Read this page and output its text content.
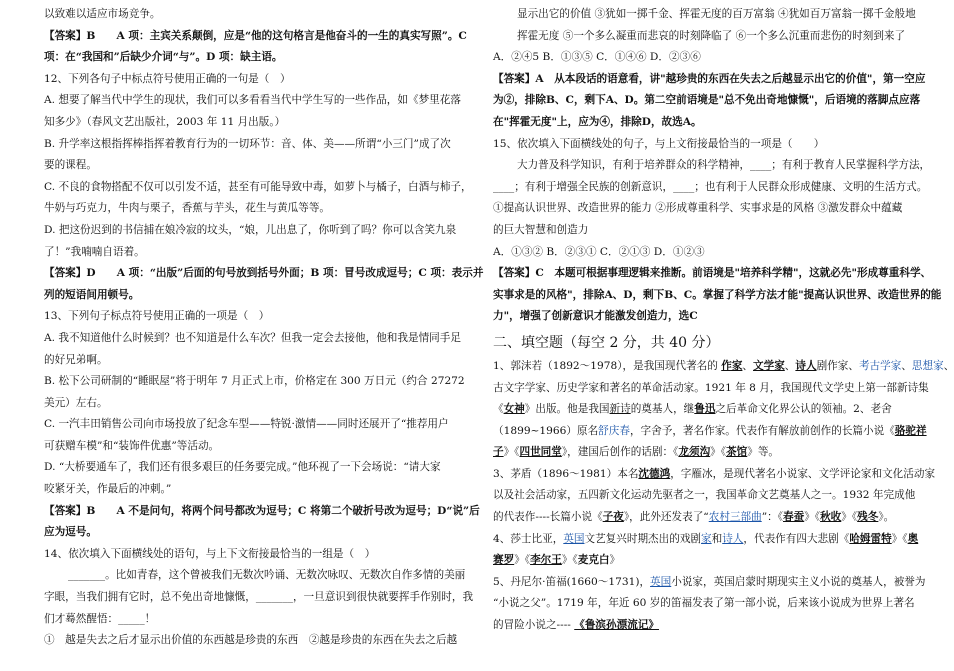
以致难以适应市场竞争。
【答案】B　　A 项：主宾关系颠倒，应是“他的这句格言是他奋斗的一生的真实写照”。C
项：在“我国和”后缺少介词“与”。D 项：缺主语。
12、下列各句子中标点符号使用正确的一句是（　）
A. 想要了解当代中学生的现状，我们可以多看看当代中学生写的一些作品，如《梦里花落
知多少》（春风文艺出版社，2003 年 11 月出版。）
B. 升学率这根指挥棒指挥着教育行为的一切环节：音、体、美——所谓“小三门”成了次
要的课程。
C. 不良的食物搭配不仅可以引发不适，甚至有可能导致中毒，如萝卜与橘子，白酒与柿子，
牛奶与巧克力，牛肉与栗子，香蕉与芋头，花生与黄瓜等等。
D. 把这份迟到的书信捕在娘冷寂的坟头，“娘，儿出息了，你听到了吗？你可以含笑九泉
了！”我喃喃自语着。
【答案】D　　A 项：“出版”后面的句号放到括号外面；B 项：冒号改成逗号；C 项：表示并
列的短语间用顿号。
13、下列句子标点符号使用正确的一项是（　）
A. 我不知道他什么时候到？也不知道是什么车次？但我一定会去接他，他和我是情同手足
的好兄弟啊。
B. 松下公司研制的“睡眠屋”将于明年 7 月正式上市，价格定在 300 万日元（约合 27272
美元）左右。
C. 一汽丰田销售公司向市场投放了纪念车型——特锐·激情——同时还展开了“推荐用户
可获赠车模”和“装饰件优惠”等活动。
D. “大桥要通车了，我们还有很多艰巨的任务要完成。”他环视了一下会场说：“请大家
咬紧牙关，作最后的冲刺。”
【答案】B　　A 不是问句，将两个问号都改为逗号；C 将第二个破折号改为逗号；D“说”后
应为逗号。
14、依次填入下面横线处的语句，与上下文衔接最恰当的一组是（　）
_______。比如青春，这个曾被我们无数次吟诵、无数次咏叹、无数次自作多情的美丽
字眼，当我们拥有它时，总不免出奇地慷慨，_______，一旦意识到很快就要挥手作别时，我
们才蓦然醒悟：_____！
①　越是失去之后才显示出价值的东西越是珍贵的东西　②越是珍贵的东西在失去之后越
显示出它的价值 ③犹如一掷千金、挥霍无度的百万富翁 ④犹如百万富翁一掷千金般地
挥霍无度 ⑤一个多么凝重而悲哀的时刻降临了 ⑥一个多么沉重而悲伤的时刻到来了
A．②④5 B．①③⑤ C．①④⑥ D．②③⑥
【答案】A　从本段话的语意看，讲"越珍贵的东西在失去之后越显示出它的价值"，第一空应
为②，排除B、C，剩下A、D。第二空前语境是"总不免出奇地慷慨"，后语境的落脚点应落
在"挥霍无度"上，应为④，排除D，故选A。
15、依次填入下面横线处的句子，与上文衔接最恰当的一项是（　　）
大力普及科学知识，有利于培养群众的科学精神，____；有利于教育人民掌握科学方法，
____；有利于增强全民族的创新意识，____；也有利于人民群众形成健康、文明的生活方式。
①提高认识世界、改造世界的能力 ②形成尊重科学、实事求是的风格 ③激发群众中蕴藏
的巨大智慧和创造力
A．①③② B．②③① C．②①③ D．①②③
【答案】C　本题可根据事理逻辑来推断。前语境是"培养科学精"，这就必先"形成尊重科学、
实事求是的风格"，排除A、D，剩下B、C。掌握了科学方法才能"提高认识世界、改造世界的能
力"，增强了创新意识才能激发创造力，选C
二、填空题（每空 2 分，共 40 分）
1、郭沫若（1892～1978），是我国现代著名的 作家、文学家、诗人剧作家、考古学家、思想家、
古文字学家、历史学家和著名的革命活动家。1921 年 8 月，我国现代文学史上第一部新诗集
《女神》出版。他是我国新诗的奠基人，继鲁迅之后革命文化界公认的领袖。2、老舍
（1899~1966）原名舒庆春，字舍予，著名作家。代表作有解放前创作的长篇小说《骆驼祥
子》《四世同堂》，建国后创作的话剧：《龙须沟》《茶馆》等。
3、茅盾（1896～1981）本名沈德鸿，字雁冰，是现代著名小说家、文学评论家和文化活动家
以及社会活动家，五四新文化运动先驱者之一，我国革命文艺奠基人之一。1932 年完成他
的代表作----长篇小说《子夜》，此外还发表了“农村三部曲”：《春蚕》《秋收》《残冬》。
4、莎士比亚，英国文艺复兴时期杰出的戏剧家和诗人，代表作有四大悲剧《哈姆雷特》《奥
赛罗》《李尔王》《麦克白》
5、丹尼尔·笛福(1660～1731)，英国小说家，英国启蒙时期现实主义小说的奠基人，被誉为
“小说之父”。1719 年，年近 60 岁的笛福发表了第一部小说，后来该小说成为世界上著名
的冒险小说之---- 《鲁滨孙漂流记》
